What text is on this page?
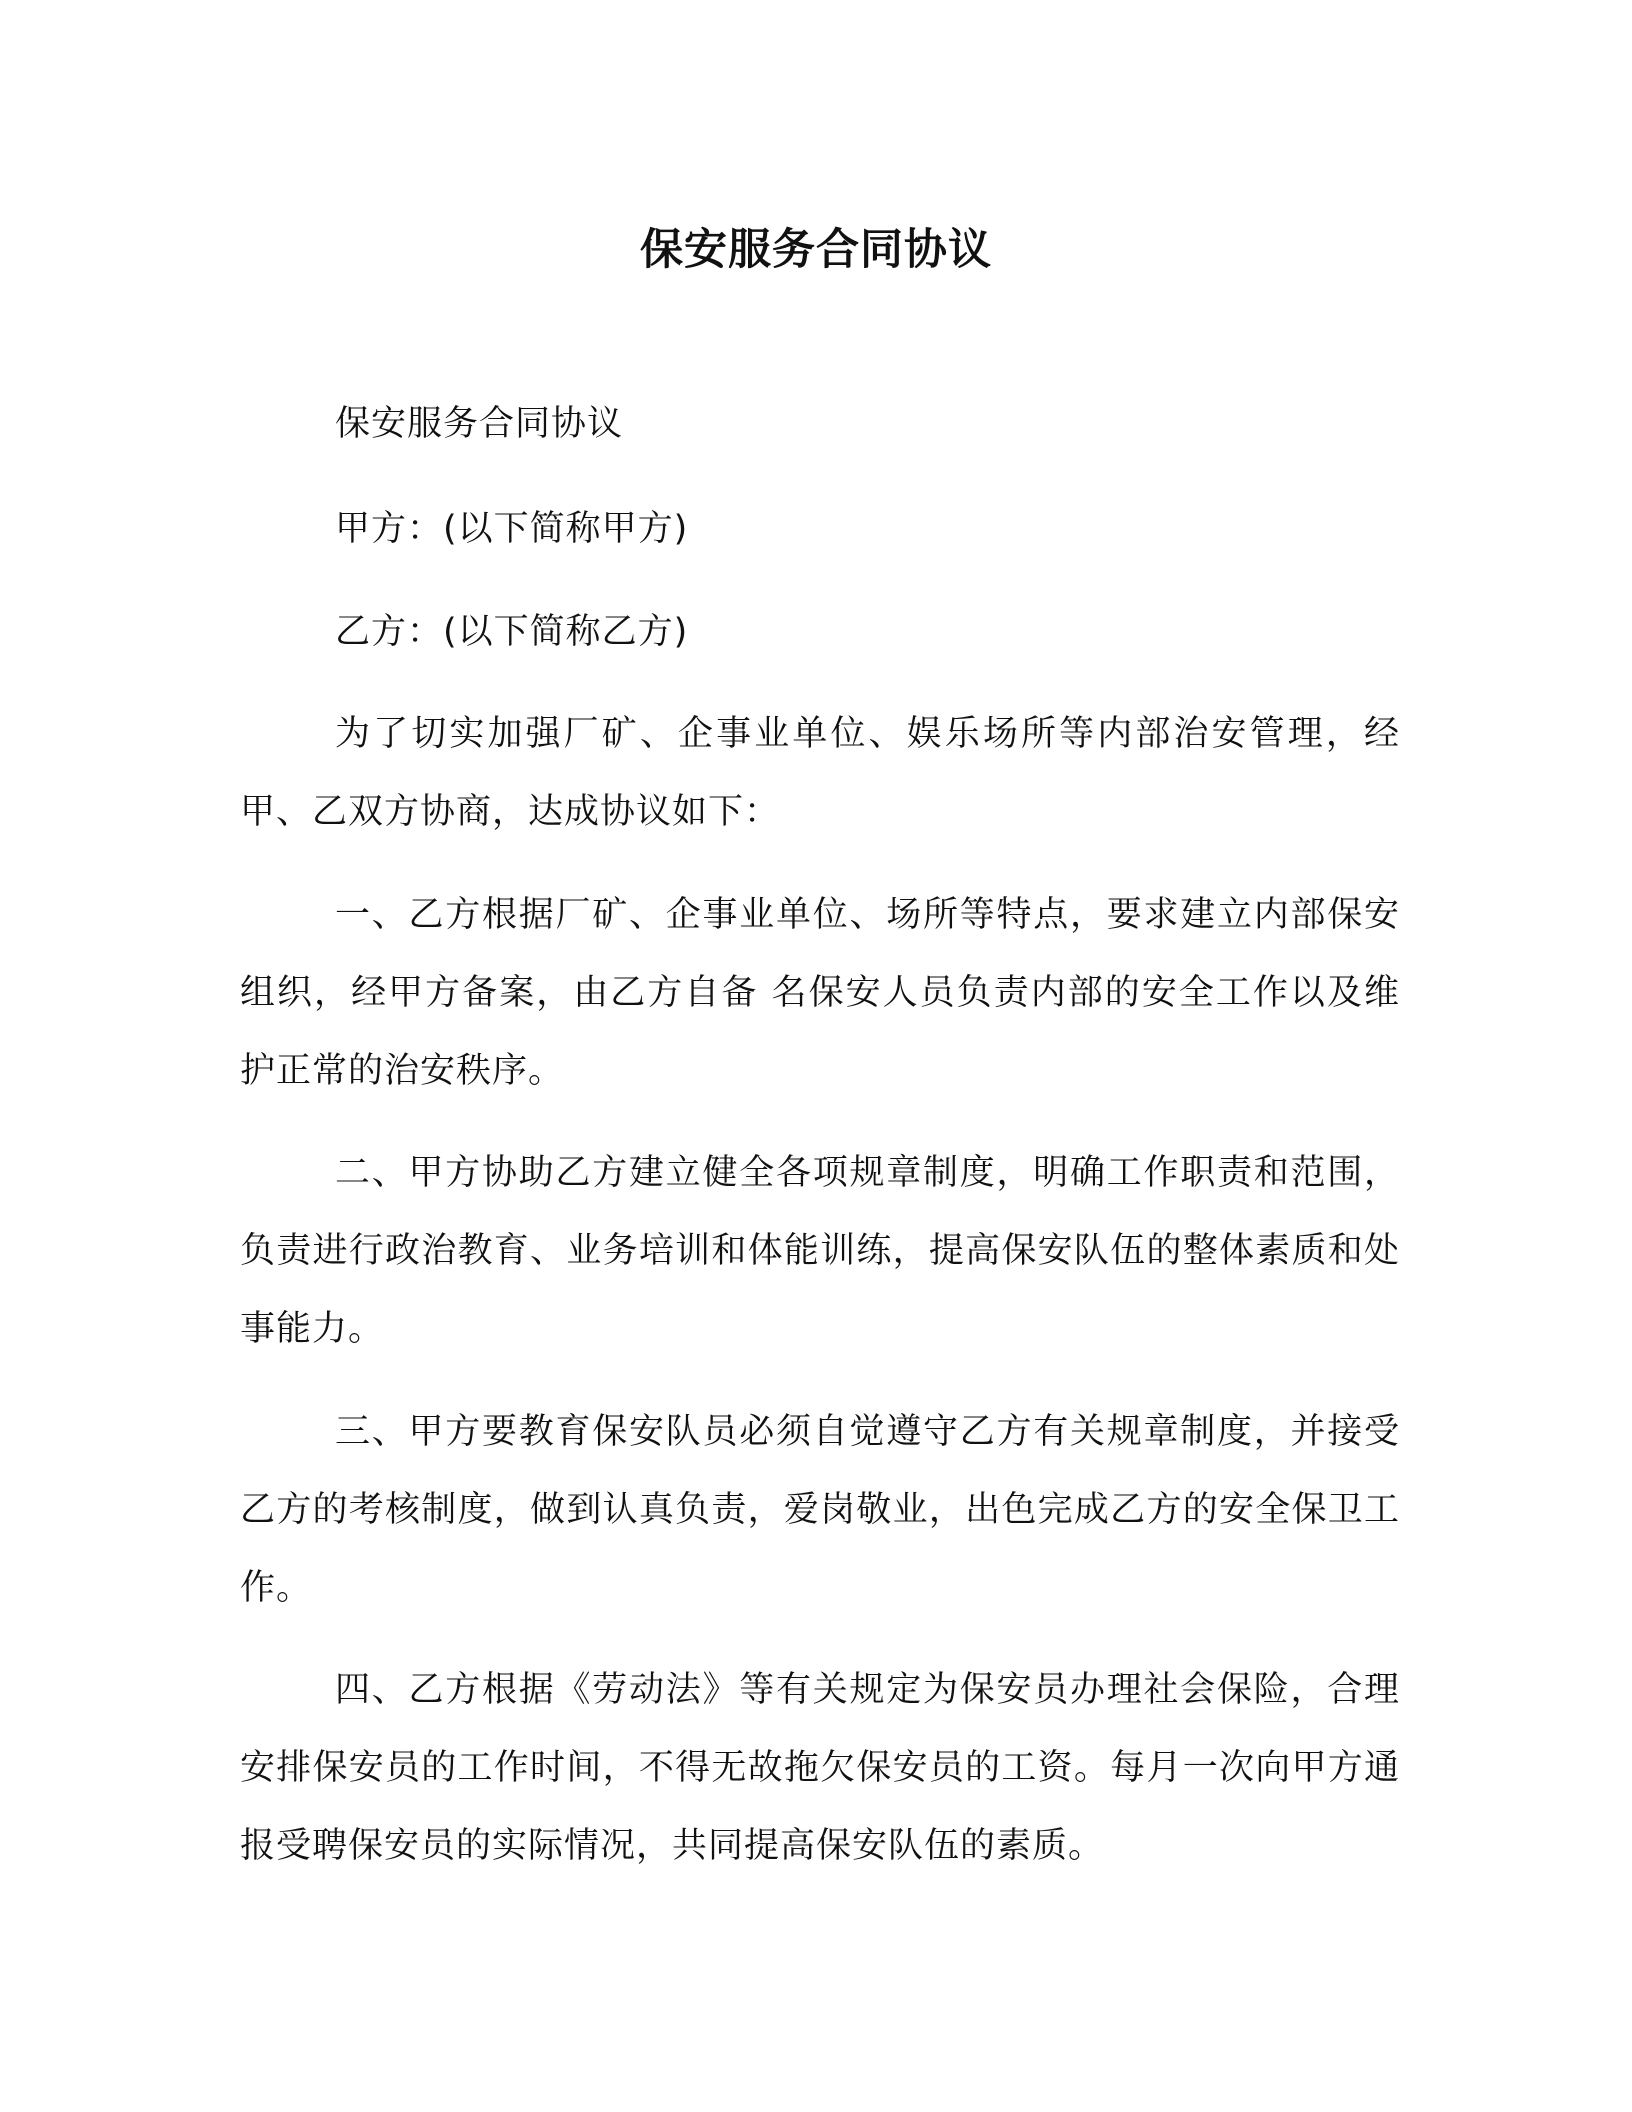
保安服务合同协议

保安服务合同协议

甲方：(以下简称甲方)

乙方：(以下简称乙方)

为了切实加强厂矿、企事业单位、娱乐场所等内部治安管理，经甲、乙双方协商，达成协议如下：

一、乙方根据厂矿、企事业单位、场所等特点，要求建立内部保安组织，经甲方备案，由乙方自备 名保安人员负责内部的安全工作以及维护正常的治安秩序。

二、甲方协助乙方建立健全各项规章制度，明确工作职责和范围，负责进行政治教育、业务培训和体能训练，提高保安队伍的整体素质和处事能力。

三、甲方要教育保安队员必须自觉遵守乙方有关规章制度，并接受乙方的考核制度，做到认真负责，爱岗敬业，出色完成乙方的安全保卫工作。

四、乙方根据《劳动法》等有关规定为保安员办理社会保险，合理安排保安员的工作时间，不得无故拖欠保安员的工资。每月一次向甲方通报受聘保安员的实际情况，共同提高保安队伍的素质。
